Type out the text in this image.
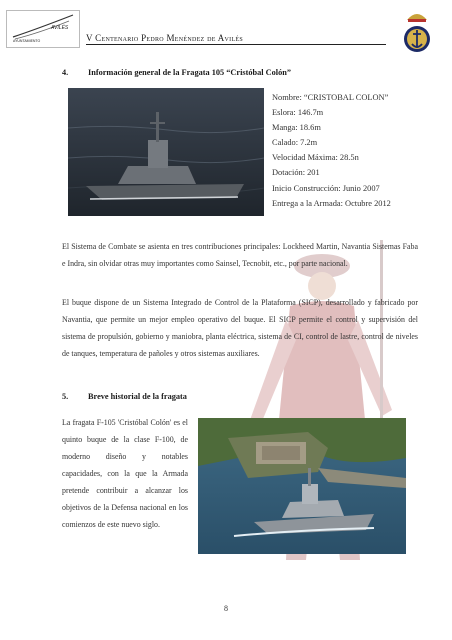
AVILÉS
AYUNTAMIENTO	V Centenario Pedro Menéndez de Avilés
4. Información general de la Fragata 105 “Cristóbal Colón”
Nombre: “CRISTOBAL COLON”
Eslora: 146.7m
Manga: 18.6m
Calado: 7.2m
Velocidad Máxima: 28.5n
Dotación: 201
Inicio Construcción: Junio 2007
Entrega a la Armada: Octubre 2012
El Sistema de Combate se asienta en tres contribuciones principales: Lockheed Martin, Navantia Sistemas Faba e Indra, sin olvidar otras muy importantes como Sainsel, Tecnobit, etc., por parte nacional.
El buque dispone de un Sistema Integrado de Control de la Plataforma (SICP), desarrollado y fabricado por Navantia, que permite un mejor empleo operativo del buque. El SICP permite el control y supervisión del sistema de propulsión, gobierno y maniobra, planta eléctrica, sistema de CI, control de lastre, control de niveles de tanques, temperatura de pañoles y otros sistemas auxiliares.
5. Breve historial de la fragata
La fragata F-105 'Cristóbal Colón' es el quinto buque de la clase F-100, de moderno diseño y notables capacidades, con la que la Armada pretende contribuir a alcanzar los objetivos de la Defensa nacional en los comienzos de este nuevo siglo.
8
